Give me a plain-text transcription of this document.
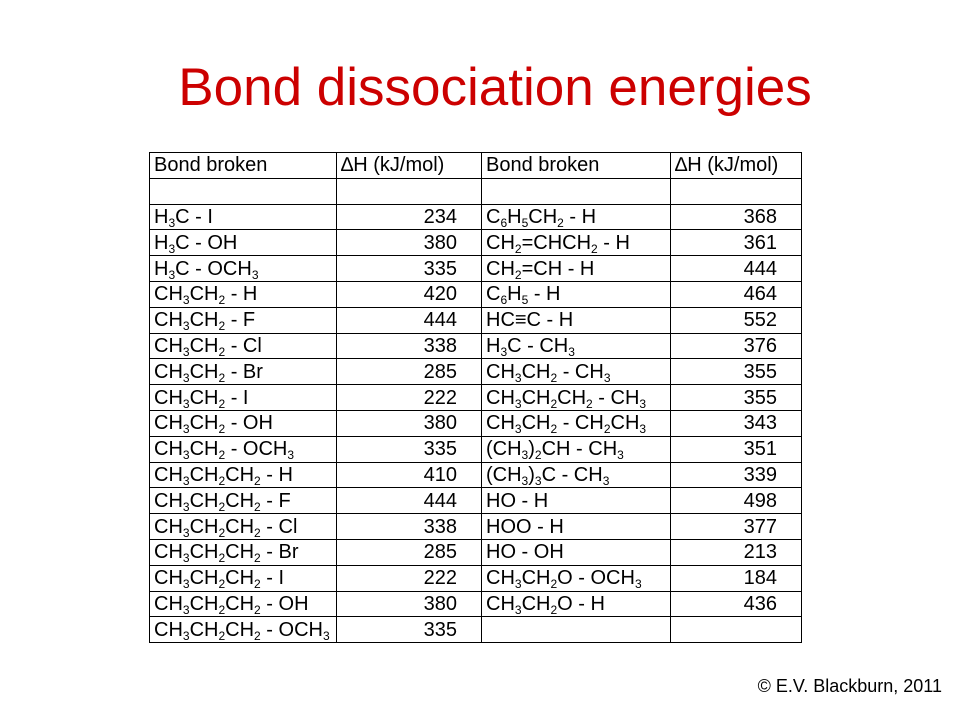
Bond dissociation energies
Bond broken	∆H (kJ/mol)	Bond broken	∆H (kJ/mol)

$H_3C$ - I	234	$C_6H_5CH_2$ - H	368
$H_3C$ - OH	380	$CH_2=CHCH_2 - H$	361
$H_3C - OCH_3$	335	$CH_2=CH - H$	444
$CH_3CH_2$ - H	420	$C_6H_5$ - H	464
$CH_3CH_2$ - F	444	HC≡C - H	552
$CH_3CH_2$ - Cl	338	$H_3C - CH_3$	376
$CH_3CH_2$ - Br	285	$CH_3CH_2 - CH_3$	355
$CH_3CH_2$ - I	222	$CH_3CH_2CH_2 - CH_3$	355
$CH_3CH_2$ - OH	380	$CH_3CH_2 - CH_2CH_3$	343
$CH_3CH_2 - OCH_3$	335	$(CH_3)_2CH - CH_3$	351
$CH_3CH_2CH_2$ - H	410	$(CH_3)_3C - CH_3$	339
$CH_3CH_2CH_2$ - F	444	HO - H	498
$CH_3CH_2CH_2$ - Cl	338	HOO - H	377
$CH_3CH_2CH_2$ - Br	285	HO - OH	213
$CH_3CH_2CH_2$ - I	222	$CH_3CH_2O - OCH_3$	184
$CH_3CH_2CH_2$ - OH	380	$CH_3CH_2O$ - H	436
$CH_3CH_2CH_2 - OCH_3$	335		
© E.V. Blackburn, 2011
